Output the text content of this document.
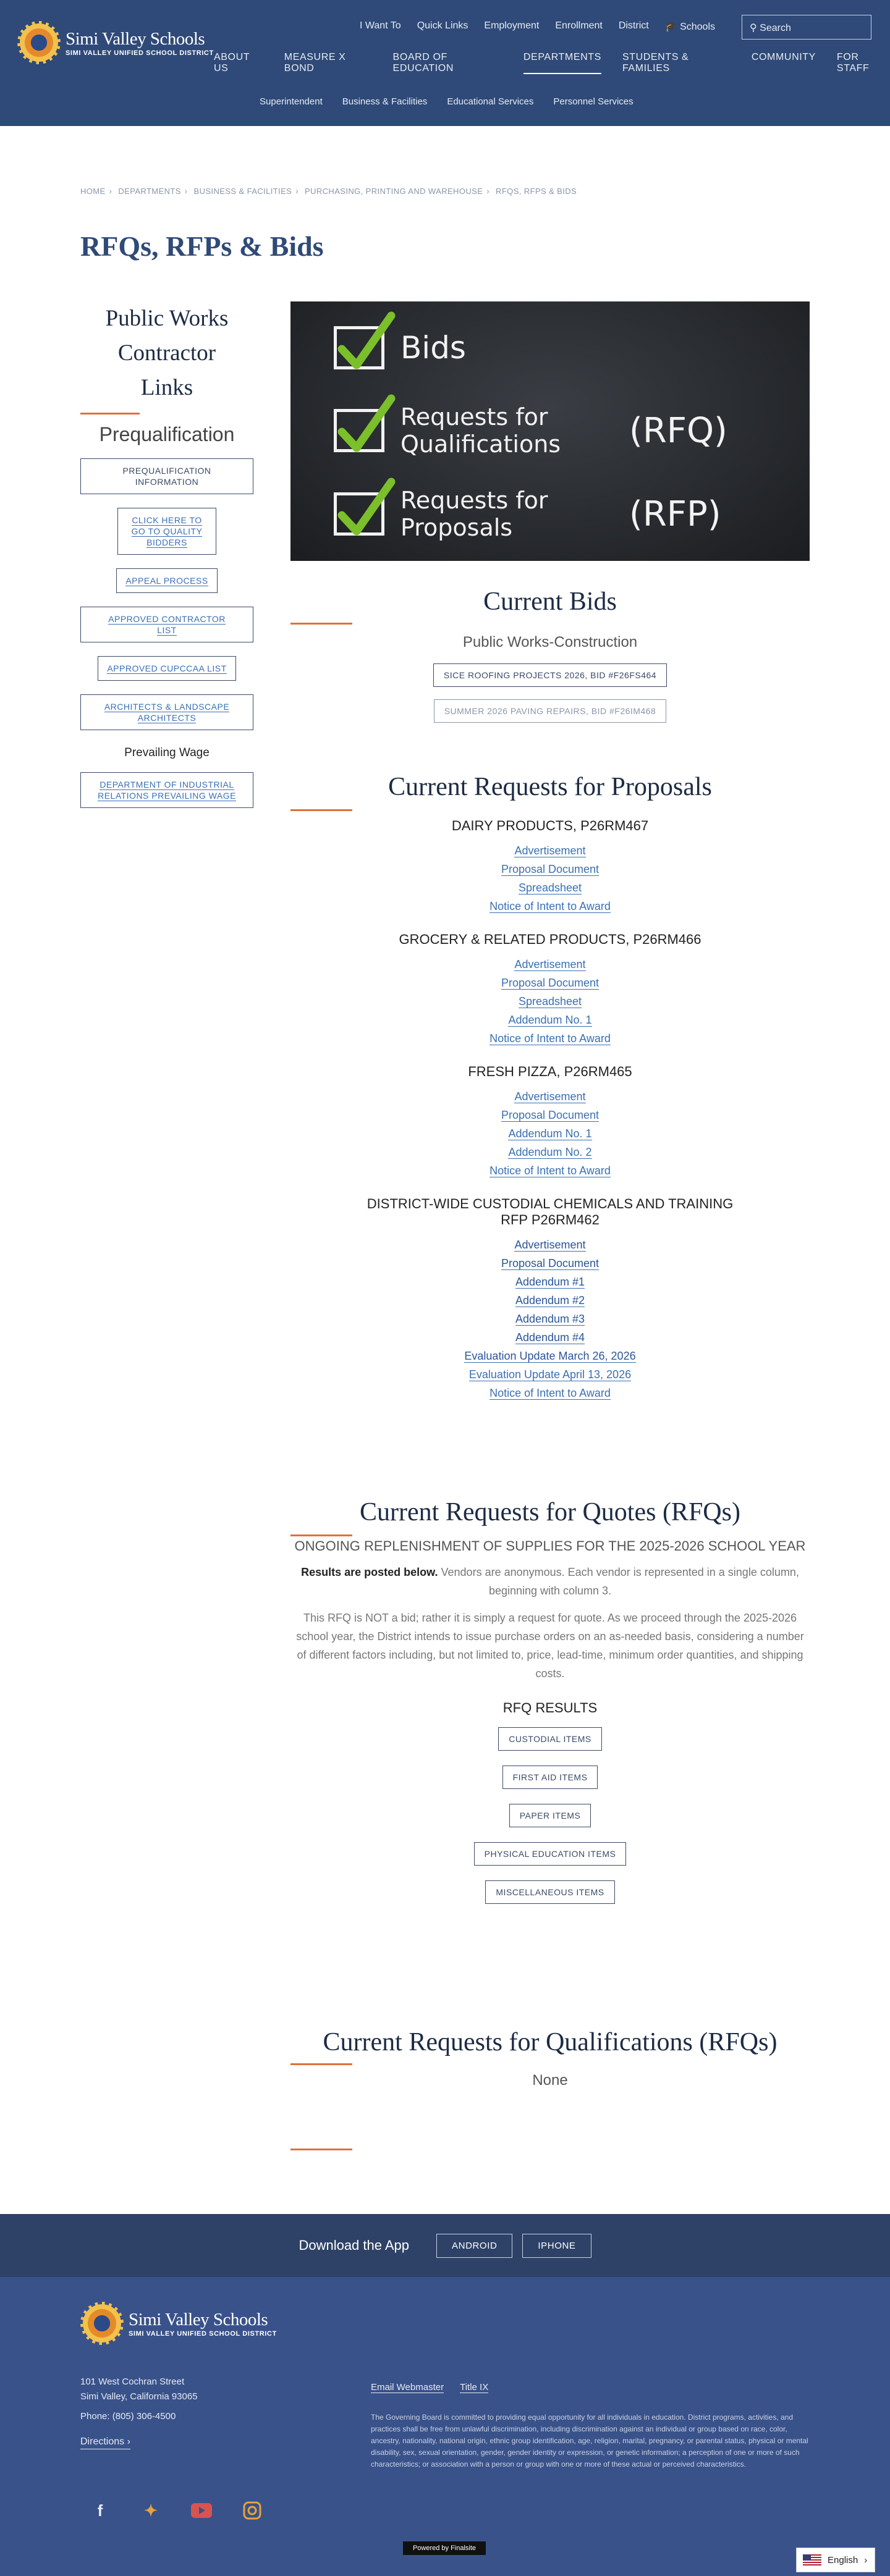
Simi Valley Schools
SIMI VALLEY UNIFIED SCHOOL DISTRICT
I Want To Quick Links Employment Enrollment District 🎓 Schools	⚲ Search
ABOUT US
MEASURE X BOND
BOARD OF EDUCATION
DEPARTMENTS STUDENTS & FAMILIES
COMMUNITY FOR STAFF
Superintendent Business & Facilities Educational Services Personnel Services
HOME › DEPARTMENTS › BUSINESS & FACILITIES › PURCHASING, PRINTING AND WAREHOUSE › RFQS, RFPS & BIDS
RFQs, RFPs & Bids
Public Works Contractor Links
Prequalification
PREQUALIFICATION INFORMATION
CLICK HERE TO GO TO QUALITY BIDDERS
APPEAL PROCESS
APPROVED CONTRACTOR LIST
APPROVED CUPCCAA LIST
ARCHITECTS & LANDSCAPE ARCHITECTS
Prevailing Wage
DEPARTMENT OF INDUSTRIAL RELATIONS PREVAILING WAGE
Bids
Requests for Qualifications	(RFQ)
Requests for Proposals	(RFP)
Current Bids
Public Works-Construction
SICE ROOFING PROJECTS 2026, BID #F26FS464
SUMMER 2026 PAVING REPAIRS, BID #F26IM468
Current Requests for Proposals
DAIRY PRODUCTS, P26RM467
Advertisement
Proposal Document
Spreadsheet
Notice of Intent to Award
GROCERY & RELATED PRODUCTS, P26RM466
Advertisement
Proposal Document
Spreadsheet
Addendum No. 1
Notice of Intent to Award
FRESH PIZZA, P26RM465
Advertisement
Proposal Document
Addendum No. 1
Addendum No. 2
Notice of Intent to Award
DISTRICT-WIDE CUSTODIAL CHEMICALS AND TRAINING
RFP P26RM462
Advertisement
Proposal Document
Addendum #1
Addendum #2
Addendum #3
Addendum #4
Evaluation Update March 26, 2026
Evaluation Update April 13, 2026
Notice of Intent to Award
Current Requests for Quotes (RFQs)
ONGOING REPLENISHMENT OF SUPPLIES FOR THE 2025-2026 SCHOOL YEAR
Results are posted below. Vendors are anonymous. Each vendor is represented in a single column, beginning with column 3.
This RFQ is NOT a bid; rather it is simply a request for quote. As we proceed through the 2025-2026 school year, the District intends to issue purchase orders on an as-needed basis, considering a number of different factors including, but not limited to, price, lead-time, minimum order quantities, and shipping costs.
RFQ RESULTS
CUSTODIAL ITEMS
FIRST AID ITEMS
PAPER ITEMS
PHYSICAL EDUCATION ITEMS
MISCELLANEOUS ITEMS
Current Requests for Qualifications (RFQs)
None
Download the App	ANDROID	IPHONE
Simi Valley Schools
SIMI VALLEY UNIFIED SCHOOL DISTRICT
101 West Cochran Street
Simi Valley, California 93065
Phone: (805) 306-4500
Directions ›
Email Webmaster Title IX
The Governing Board is committed to providing equal opportunity for all individuals in education. District programs, activities, and practices shall be free from unlawful discrimination, including discrimination against an individual or group based on race, color, ancestry, nationality, national origin, ethnic group identification, age, religion, marital, pregnancy, or parental status, physical or mental disability, sex, sexual orientation, gender, gender identity or expression, or genetic information; a perception of one or more of such characteristics; or association with a person or group with one or more of these actual or perceived characteristics.
f	✦
Powered by Finalsite
English ›
